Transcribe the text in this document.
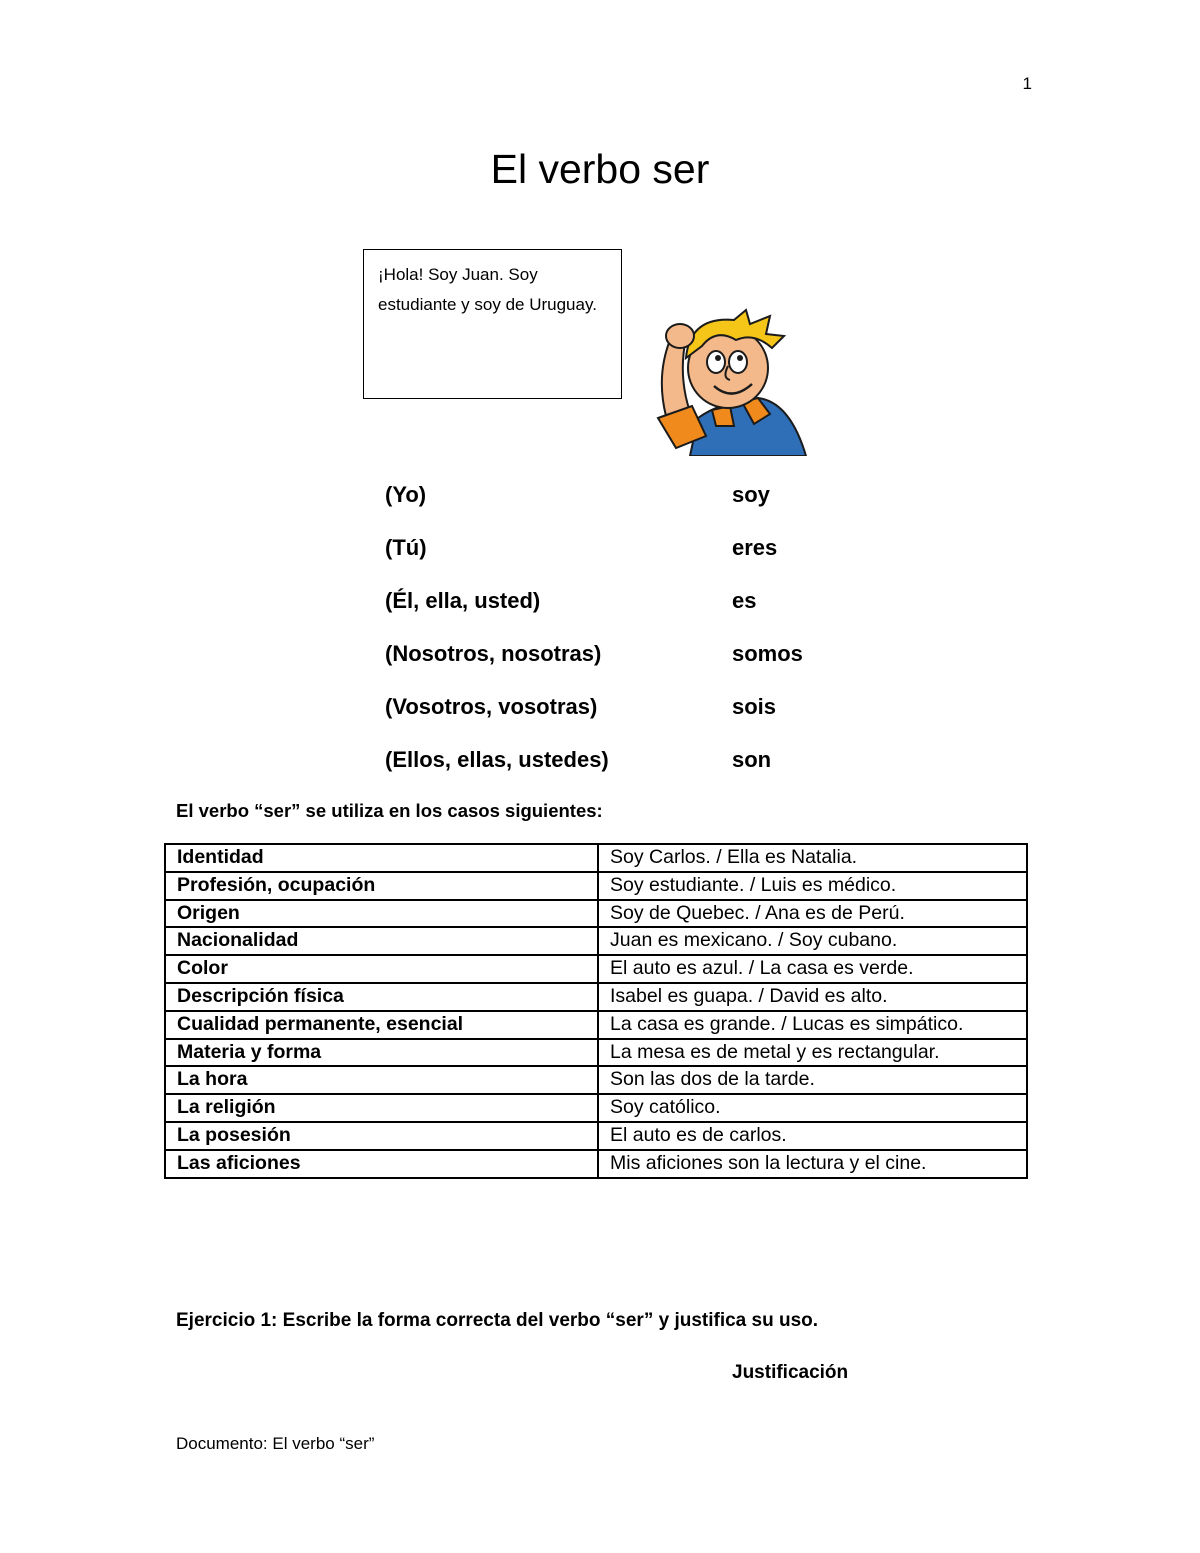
1
El verbo ser
¡Hola! Soy Juan. Soy estudiante y soy de Uruguay.
(Yo)	soy
(Tú)	eres
(Él, ella, usted)	es
(Nosotros, nosotras)	somos
(Vosotros, vosotras)	sois
(Ellos, ellas, ustedes)	son
El verbo “ser” se utiliza en los casos siguientes:
Identidad	Soy Carlos. / Ella es Natalia.
Profesión, ocupación	Soy estudiante. / Luis es médico.
Origen	Soy de Quebec. / Ana es de Perú.
Nacionalidad	Juan es mexicano. / Soy cubano.
Color	El auto es azul. / La casa es verde.
Descripción física	Isabel es guapa. / David es alto.
Cualidad permanente, esencial	La casa es grande. / Lucas es simpático.
Materia y forma	La mesa es de metal y es rectangular.
La hora	Son las dos de la tarde.
La religión	Soy católico.
La posesión	El auto es de carlos.
Las aficiones	Mis aficiones son la lectura y el cine.
Ejercicio 1: Escribe la forma correcta del verbo “ser” y justifica su uso.
Justificación
Documento: El verbo “ser”
